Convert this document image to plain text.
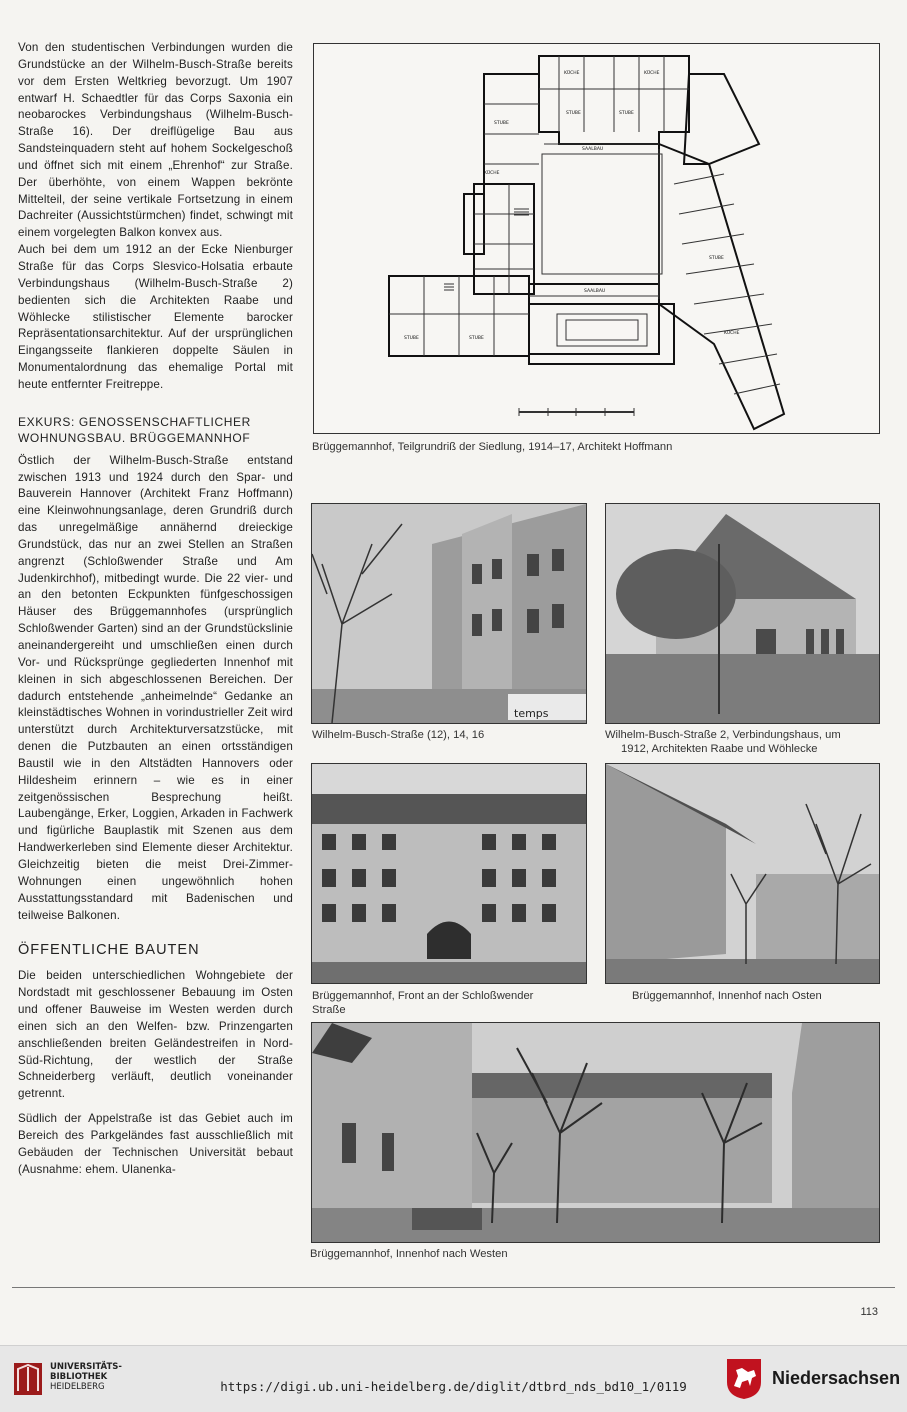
Von den studentischen Verbindungen wurden die Grundstücke an der Wilhelm-Busch-Straße bereits vor dem Ersten Weltkrieg bevorzugt. Um 1907 entwarf H. Schaedtler für das Corps Saxonia ein neobarockes Verbindungshaus (Wilhelm-Busch-Straße 16). Der dreiflügelige Bau aus Sandsteinquadern steht auf hohem Sockelgeschoß und öffnet sich mit einem „Ehrenhof“ zur Straße. Der überhöhte, von einem Wappen bekrönte Mittelteil, der seine vertikale Fortsetzung in einem Dachreiter (Aussichtstürmchen) findet, schwingt mit einem vorgelegten Balkon konvex aus.

Auch bei dem um 1912 an der Ecke Nienburger Straße für das Corps Slesvico-Holsatia erbaute Verbindungshaus (Wilhelm-Busch-Straße 2) bedienten sich die Architekten Raabe und Wöhlecke stilistischer Elemente barocker Repräsentationsarchitektur. Auf der ursprünglichen Eingangsseite flankieren doppelte Säulen in Monumentalordnung das ehemalige Portal mit heute entfernter Freitreppe.

EXKURS: GENOSSENSCHAFTLICHER

WOHNUNGSBAU. BRÜGGEMANNHOF

Östlich der Wilhelm-Busch-Straße entstand zwischen 1913 und 1924 durch den Spar- und Bauverein Hannover (Architekt Franz Hoffmann) eine Kleinwohnungsanlage, deren Grundriß durch das unregelmäßige annähernd dreieckige Grundstück, das nur an zwei Stellen an Straßen angrenzt (Schloßwender Straße und Am Judenkirchhof), mitbedingt wurde. Die 22 vier- und an den betonten Eckpunkten fünfgeschossigen Häuser des Brüggemannhofes (ursprünglich Schloßwender Garten) sind an der Grundstückslinie aneinandergereiht und umschließen einen durch Vor- und Rücksprünge gegliederten Innenhof mit kleinen in sich abgeschlossenen Bereichen. Der dadurch entstehende „anheimelnde“ Gedanke an kleinstädtisches Wohnen in vorindustrieller Zeit wird unterstützt durch Architekturversatzstücke, mit denen die Putzbauten an einen ortsständigen Baustil wie in den Altstädten Hannovers oder Hildesheim erinnern – wie es in einer zeitgenössischen Besprechung heißt. Laubengänge, Erker, Loggien, Arkaden in Fachwerk und figürliche Bauplastik mit Szenen aus dem Handwerkerleben sind Elemente dieser Architektur. Gleichzeitig bieten die meist Drei-Zimmer-Wohnungen einen ungewöhnlich hohen Ausstattungsstandard mit Badenischen und teilweise Balkonen.

ÖFFENTLICHE BAUTEN

Die beiden unterschiedlichen Wohngebiete der Nordstadt mit geschlossener Bebauung im Osten und offener Bauweise im Westen werden durch einen sich an den Welfen- bzw. Prinzengarten anschließenden breiten Geländestreifen in Nord-Süd-Richtung, der westlich der Straße Schneiderberg verläuft, deutlich voneinander getrennt.

Südlich der Appelstraße ist das Gebiet auch im Bereich des Parkgeländes fast ausschließlich mit Gebäuden der Technischen Universität bebaut (Ausnahme: ehem. Ulanenka-

SAALBAU
SAALBAU
STUBE	STUBE
STUBE
STUBE	STUBE
STUBE
KÜCHE	KÜCHE
KÜCHE
KÜCHE
Brüggemannhof, Teilgrundriß der Siedlung, 1914–17, Architekt Hoffmann
temps
Wilhelm-Busch-Straße (12), 14, 16	Wilhelm-Busch-Straße 2, Verbindungshaus, um
1912, Architekten Raabe und Wöhlecke
Brüggemannhof, Front an der Schloßwender
Straße
Brüggemannhof, Innenhof nach Osten
Brüggemannhof, Innenhof nach Westen
113
UNIVERSITÄTS-
BIBLIOTHEK
HEIDELBERG	https://digi.ub.uni-heidelberg.de/diglit/dtbrd_nds_bd10_1/0119	Niedersachsen
